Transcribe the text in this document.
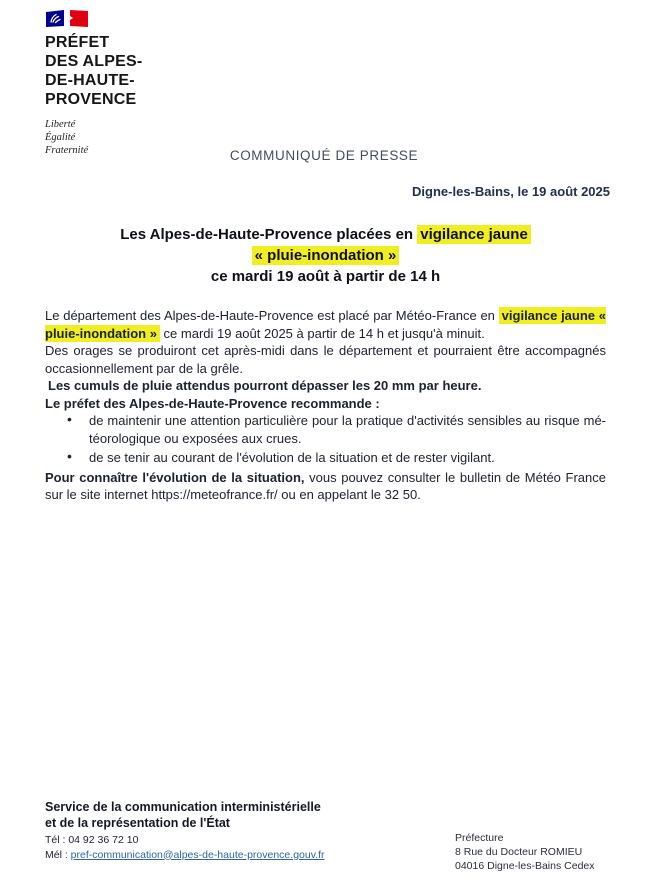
PRÉFET
DES ALPES-
DE-HAUTE-
PROVENCE
Liberté
Égalité
Fraternité	COMMUNIQUÉ DE PRESSE
Digne-les-Bains, le 19 août 2025
Les Alpes-de-Haute-Provence placées en vigilance jaune
« pluie-inondation »
ce mardi 19 août à partir de 14 h

Le département des Alpes-de-Haute-Provence est placé par Météo-France en vigilance jaune « pluie-inondation » ce mardi 19 août 2025 à partir de 14 h et jusqu'à minuit.

Des orages se produiront cet après-midi dans le département et pourraient être accompagnés occasionnellement par de la grêle.

Les cumuls de pluie attendus pourront dépasser les 20 mm par heure.

Le préfet des Alpes-de-Haute-Provence recommande :

• de maintenir une attention particulière pour la pratique d'activités sensibles au risque mé-
téorologique ou exposées aux crues.
• de se tenir au courant de l'évolution de la situation et de rester vigilant.

Pour connaître l'évolution de la situation, vous pouvez consulter le bulletin de Météo France sur le site internet https://meteofrance.fr/ ou en appelant le 32 50.

Service de la communication interministérielle
et de la représentation de l'État
Tél : 04 92 36 72 10
Mél : pref-communication@alpes-de-haute-provence.gouv.fr
Préfecture
8 Rue du Docteur ROMIEU
04016 Digne-les-Bains Cedex
